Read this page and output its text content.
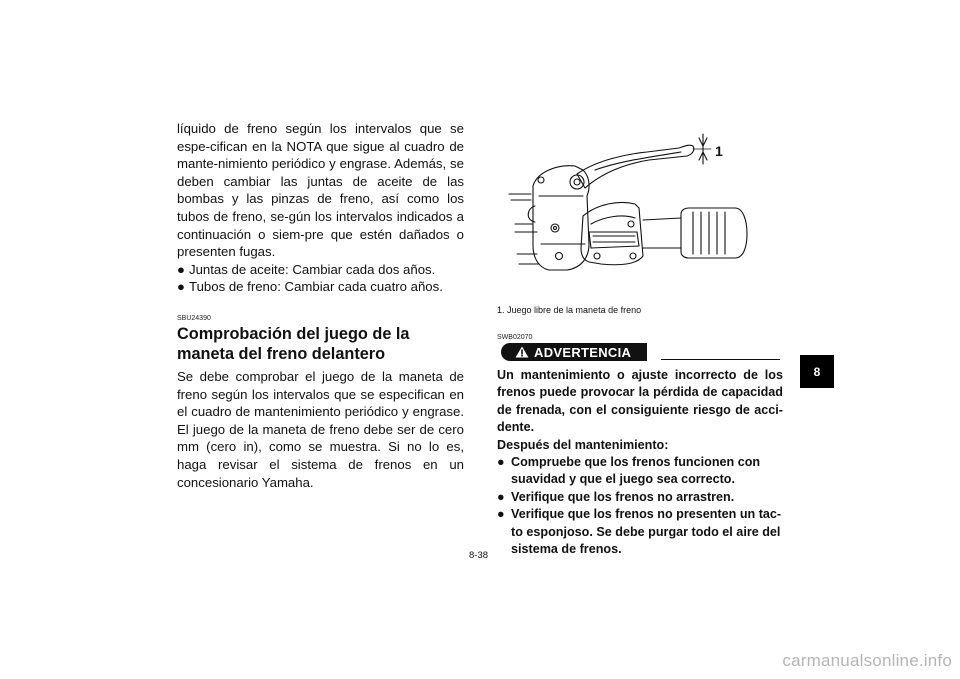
líquido de freno según los intervalos que se espe-cifican en la NOTA que sigue al cuadro de mante-nimiento periódico y engrase. Además, se deben cambiar las juntas de aceite de las bombas y las pinzas de freno, así como los tubos de freno, se-gún los intervalos indicados a continuación o siem-pre que estén dañados o presenten fugas.

● Juntas de aceite: Cambiar cada dos años.
● Tubos de freno: Cambiar cada cuatro años.
SBU24390
Comprobación del juego de la maneta del freno delantero

Se debe comprobar el juego de la maneta de freno según los intervalos que se especifican en el cuadro de mantenimiento periódico y engrase. El juego de la maneta de freno debe ser de cero mm (cero in), como se muestra. Si no lo es, haga revisar el sistema de frenos en un concesionario Yamaha.

1
1. Juego libre de la maneta de freno
SWB02070
ADVERTENCIA

Un mantenimiento o ajuste incorrecto de los frenos puede provocar la pérdida de capacidad de frenada, con el consiguiente riesgo de acci-dente.

Después del mantenimiento:

● Compruebe que los frenos funcionen con suavidad y que el juego sea correcto.
● Verifique que los frenos no arrastren.
● Verifique que los frenos no presenten un tac-to esponjoso. Se debe purgar todo el aire del sistema de frenos.
8-38
8
carmanualsonline.info
